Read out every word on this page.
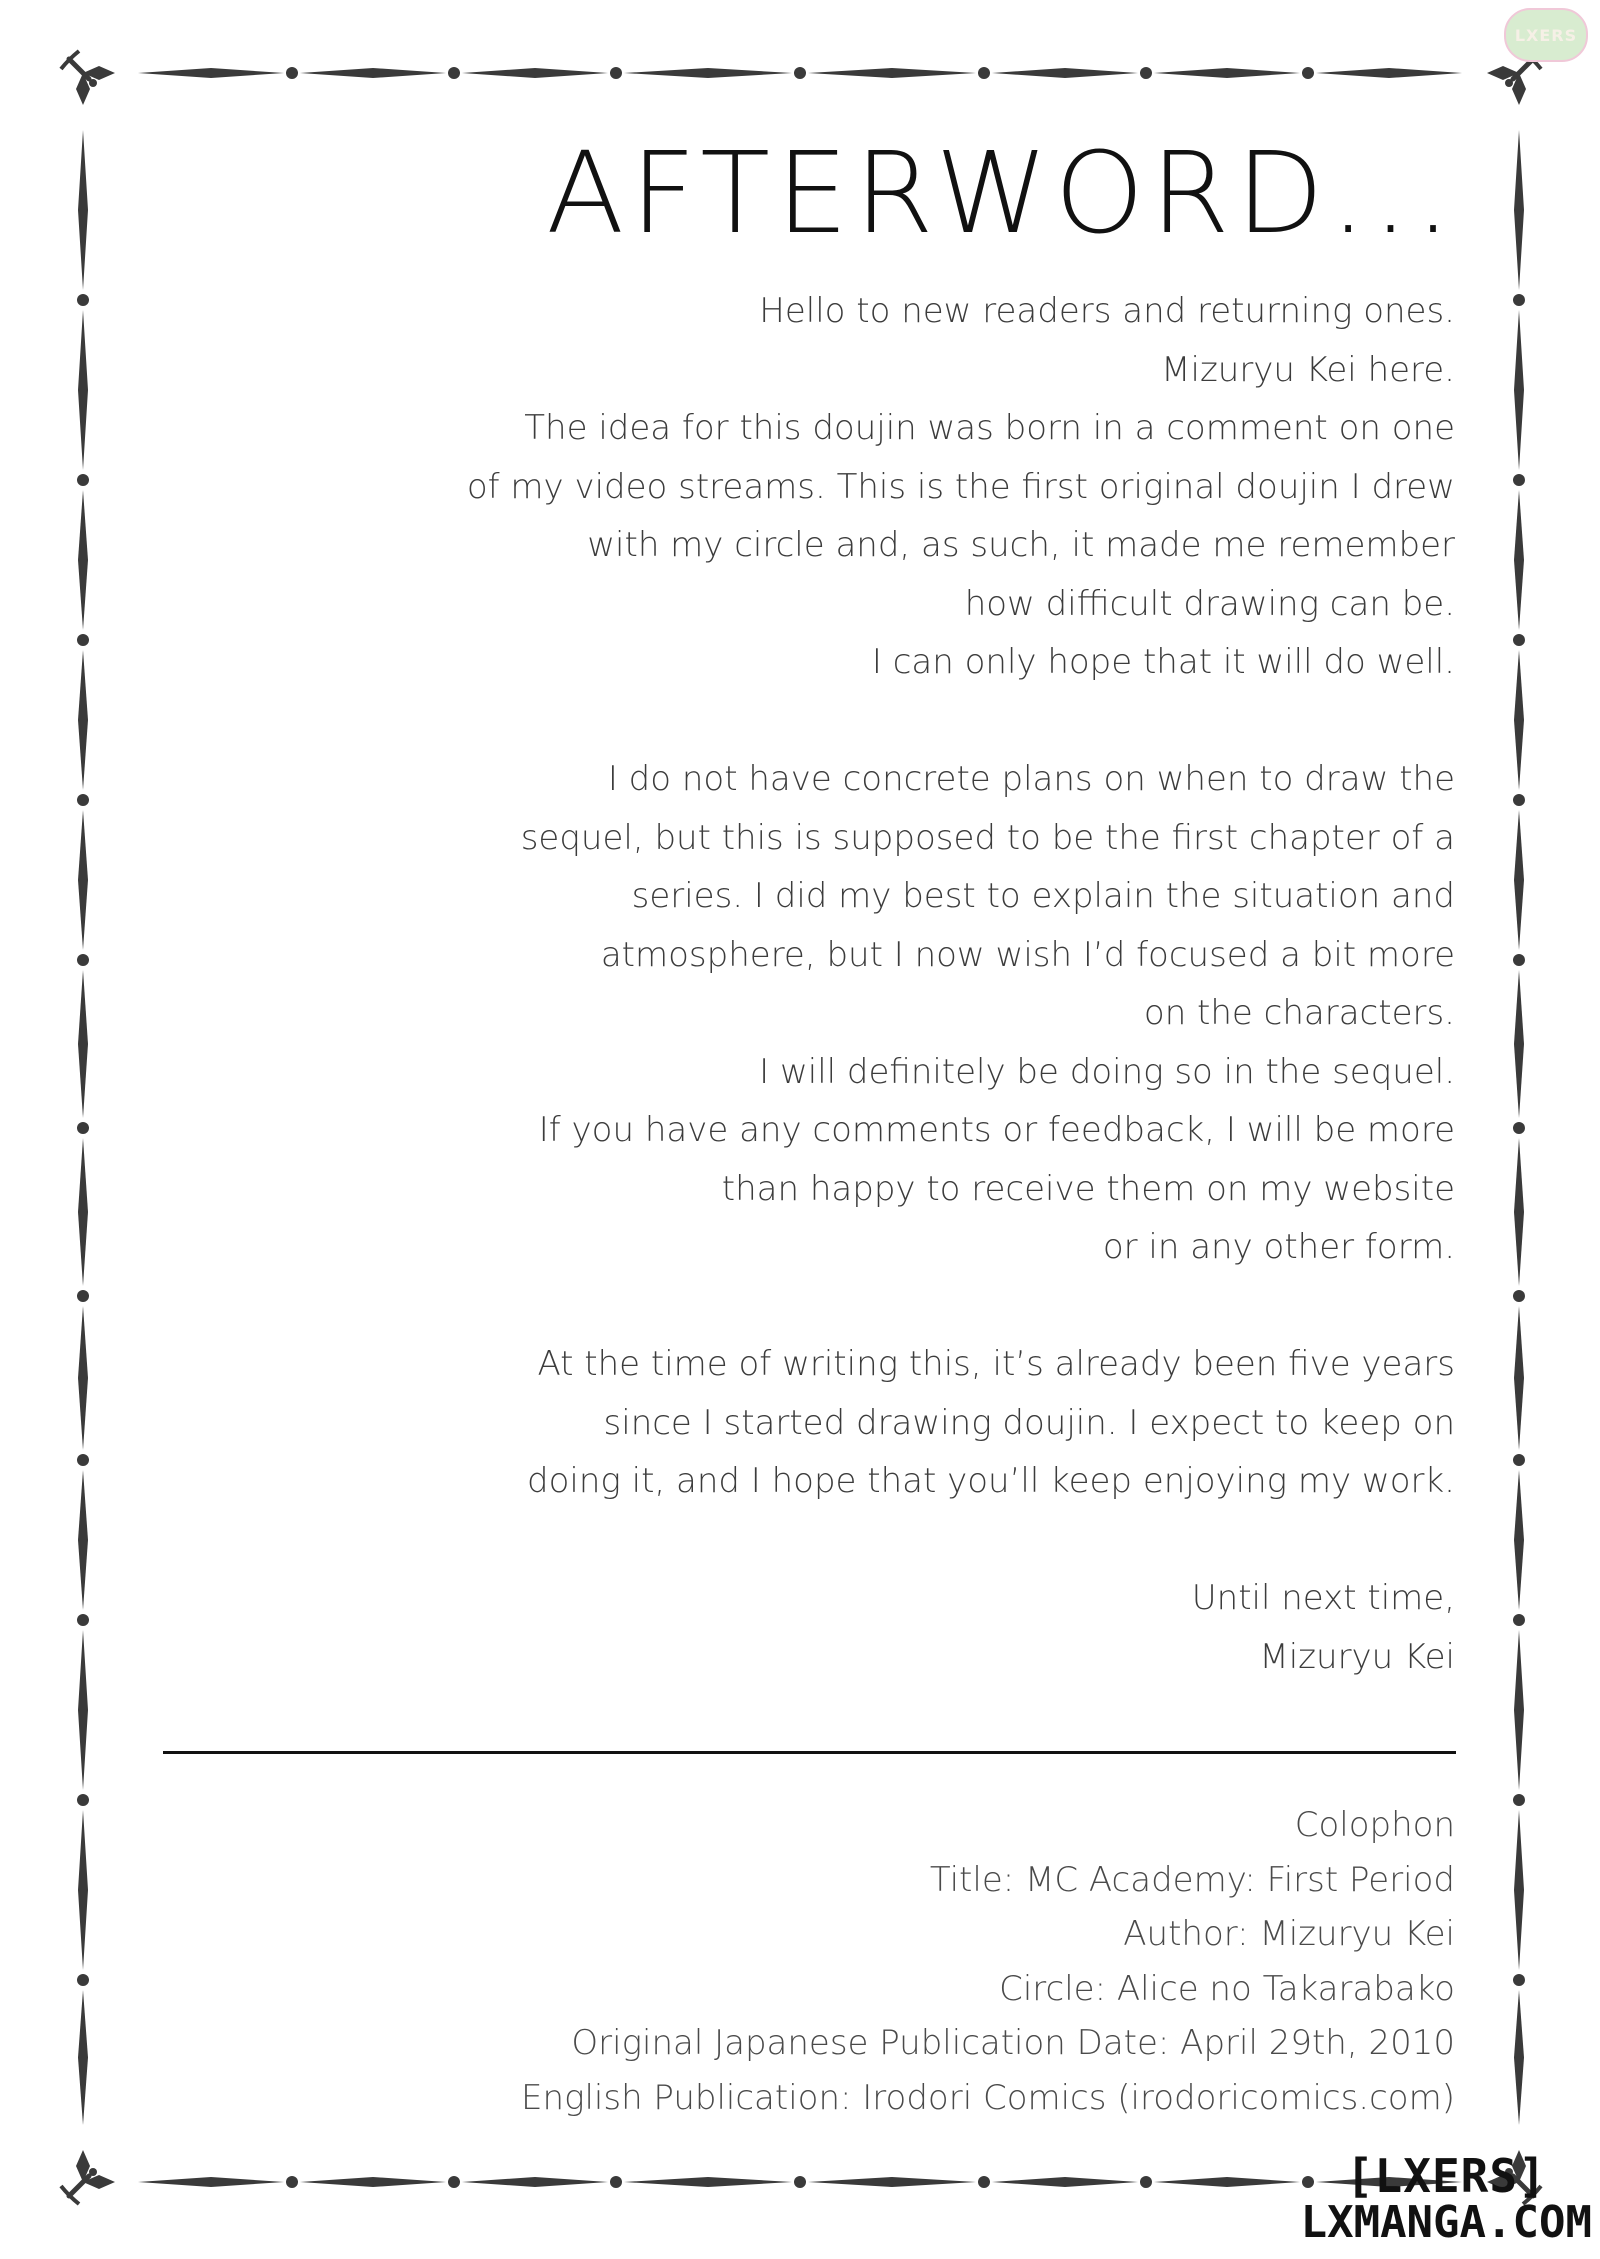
LXERS
AFTERWORD...

Hello to new readers and returning ones.
Mizuryu Kei here.
The idea for this doujin was born in a comment on one
of my video streams. This is the first original doujin I drew
with my circle and, as such, it made me remember
how difficult drawing can be.
I can only hope that it will do well.

I do not have concrete plans on when to draw the
sequel, but this is supposed to be the first chapter of a
series. I did my best to explain the situation and
atmosphere, but I now wish I’d focused a bit more
on the characters.
I will definitely be doing so in the sequel.
If you have any comments or feedback, I will be more
than happy to receive them on my website
or in any other form.

At the time of writing this, it’s already been five years
since I started drawing doujin. I expect to keep on
doing it, and I hope that you’ll keep enjoying my work.

Until next time,
Mizuryu Kei

Colophon
Title: MC Academy: First Period
Author: Mizuryu Kei
Circle: Alice no Takarabako
Original Japanese Publication Date: April 29th, 2010
English Publication: Irodori Comics (irodoricomics.com)
[LXERS]
LXMANGA.COM
